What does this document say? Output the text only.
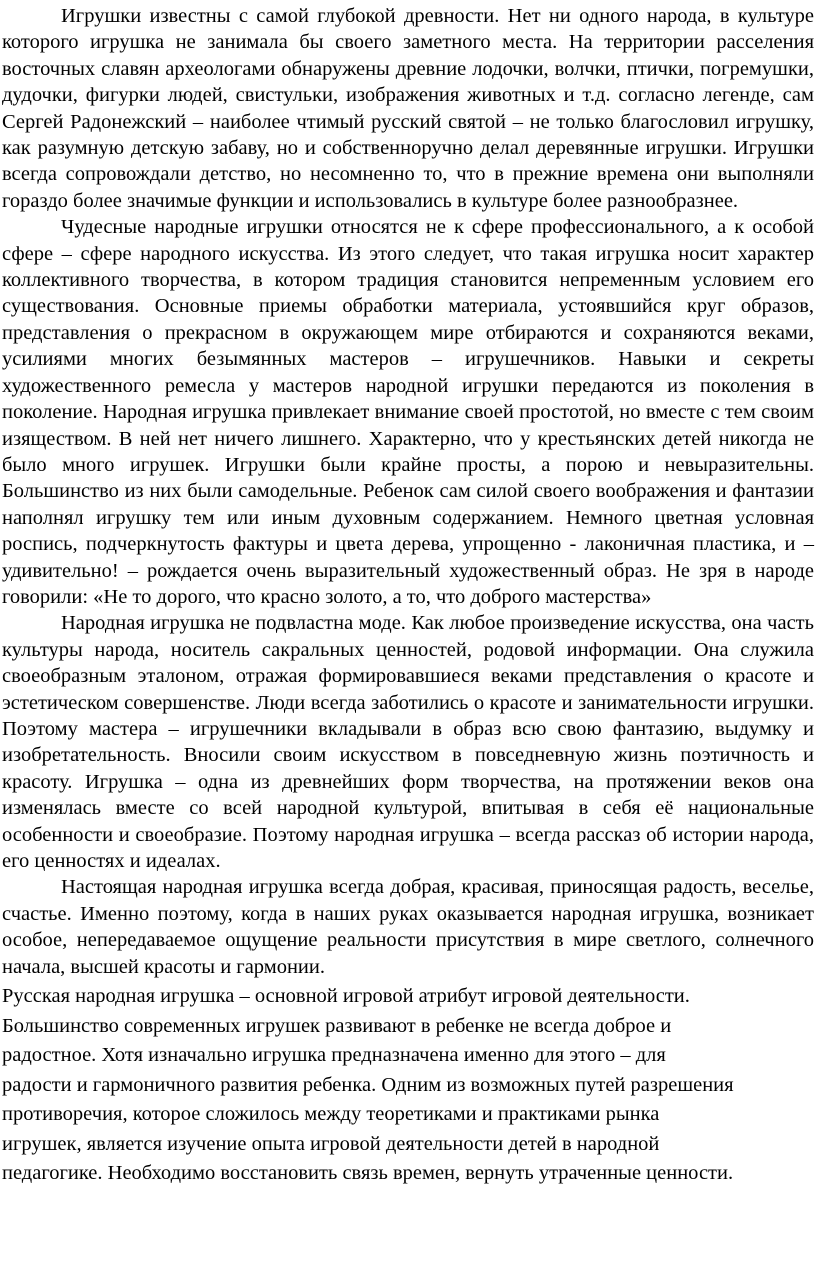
Игрушки известны с самой глубокой древности. Нет ни одного народа, в культуре которого игрушка не занимала бы своего заметного места. На территории расселения восточных славян археологами обнаружены древние лодочки, волчки, птички, погремушки, дудочки, фигурки людей, свистульки, изображения животных и т.д. согласно легенде, сам Сергей Радонежский – наиболее чтимый русский святой – не только благословил игрушку, как разумную детскую забаву, но и собственноручно делал деревянные игрушки. Игрушки всегда сопровождали детство, но несомненно то, что в прежние времена они выполняли гораздо более значимые функции и использовались в культуре более разнообразнее.

Чудесные народные игрушки относятся не к сфере профессионального, а к особой сфере – сфере народного искусства. Из этого следует, что такая игрушка носит характер коллективного творчества, в котором традиция становится непременным условием его существования. Основные приемы обработки материала, устоявшийся круг образов, представления о прекрасном в окружающем мире отбираются и сохраняются веками, усилиями многих безымянных мастеров – игрушечников. Навыки и секреты художественного ремесла у мастеров народной игрушки передаются из поколения в поколение. Народная игрушка привлекает внимание своей простотой, но вместе с тем своим изяществом. В ней нет ничего лишнего. Характерно, что у крестьянских детей никогда не было много игрушек. Игрушки были крайне просты, а порою и невыразительны. Большинство из них были самодельные. Ребенок сам силой своего воображения и фантазии наполнял игрушку тем или иным духовным содержанием. Немного цветная условная роспись, подчеркнутость фактуры и цвета дерева, упрощенно - лаконичная пластика, и – удивительно! – рождается очень выразительный художественный образ. Не зря в народе говорили: «Не то дорого, что красно золото, а то, что доброго мастерства»

Народная игрушка не подвластна моде. Как любое произведение искусства, она часть культуры народа, носитель сакральных ценностей, родовой информации. Она служила своеобразным эталоном, отражая формировавшиеся веками представления о красоте и эстетическом совершенстве. Люди всегда заботились о красоте и занимательности игрушки. Поэтому мастера – игрушечники вкладывали в образ всю свою фантазию, выдумку и изобретательность. Вносили своим искусством в повседневную жизнь поэтичность и красоту. Игрушка – одна из древнейших форм творчества, на протяжении веков она изменялась вместе со всей народной культурой, впитывая в себя её национальные особенности и своеобразие. Поэтому народная игрушка – всегда рассказ об истории народа, его ценностях и идеалах.

Настоящая народная игрушка всегда добрая, красивая, приносящая радость, веселье, счастье. Именно поэтому, когда в наших руках оказывается народная игрушка, возникает особое, непередаваемое ощущение реальности присутствия в мире светлого, солнечного начала, высшей красоты и гармонии.

Русская народная игрушка – основной игровой атрибут игровой деятельности.

Большинство современных игрушек развивают в ребенке не всегда доброе и

радостное. Хотя изначально игрушка предназначена именно для этого – для

радости и гармоничного развития ребенка. Одним из возможных путей разрешения

противоречия, которое сложилось между теоретиками и практиками рынка

игрушек, является изучение опыта игровой деятельности детей в народной

педагогике. Необходимо восстановить связь времен, вернуть утраченные ценности.
